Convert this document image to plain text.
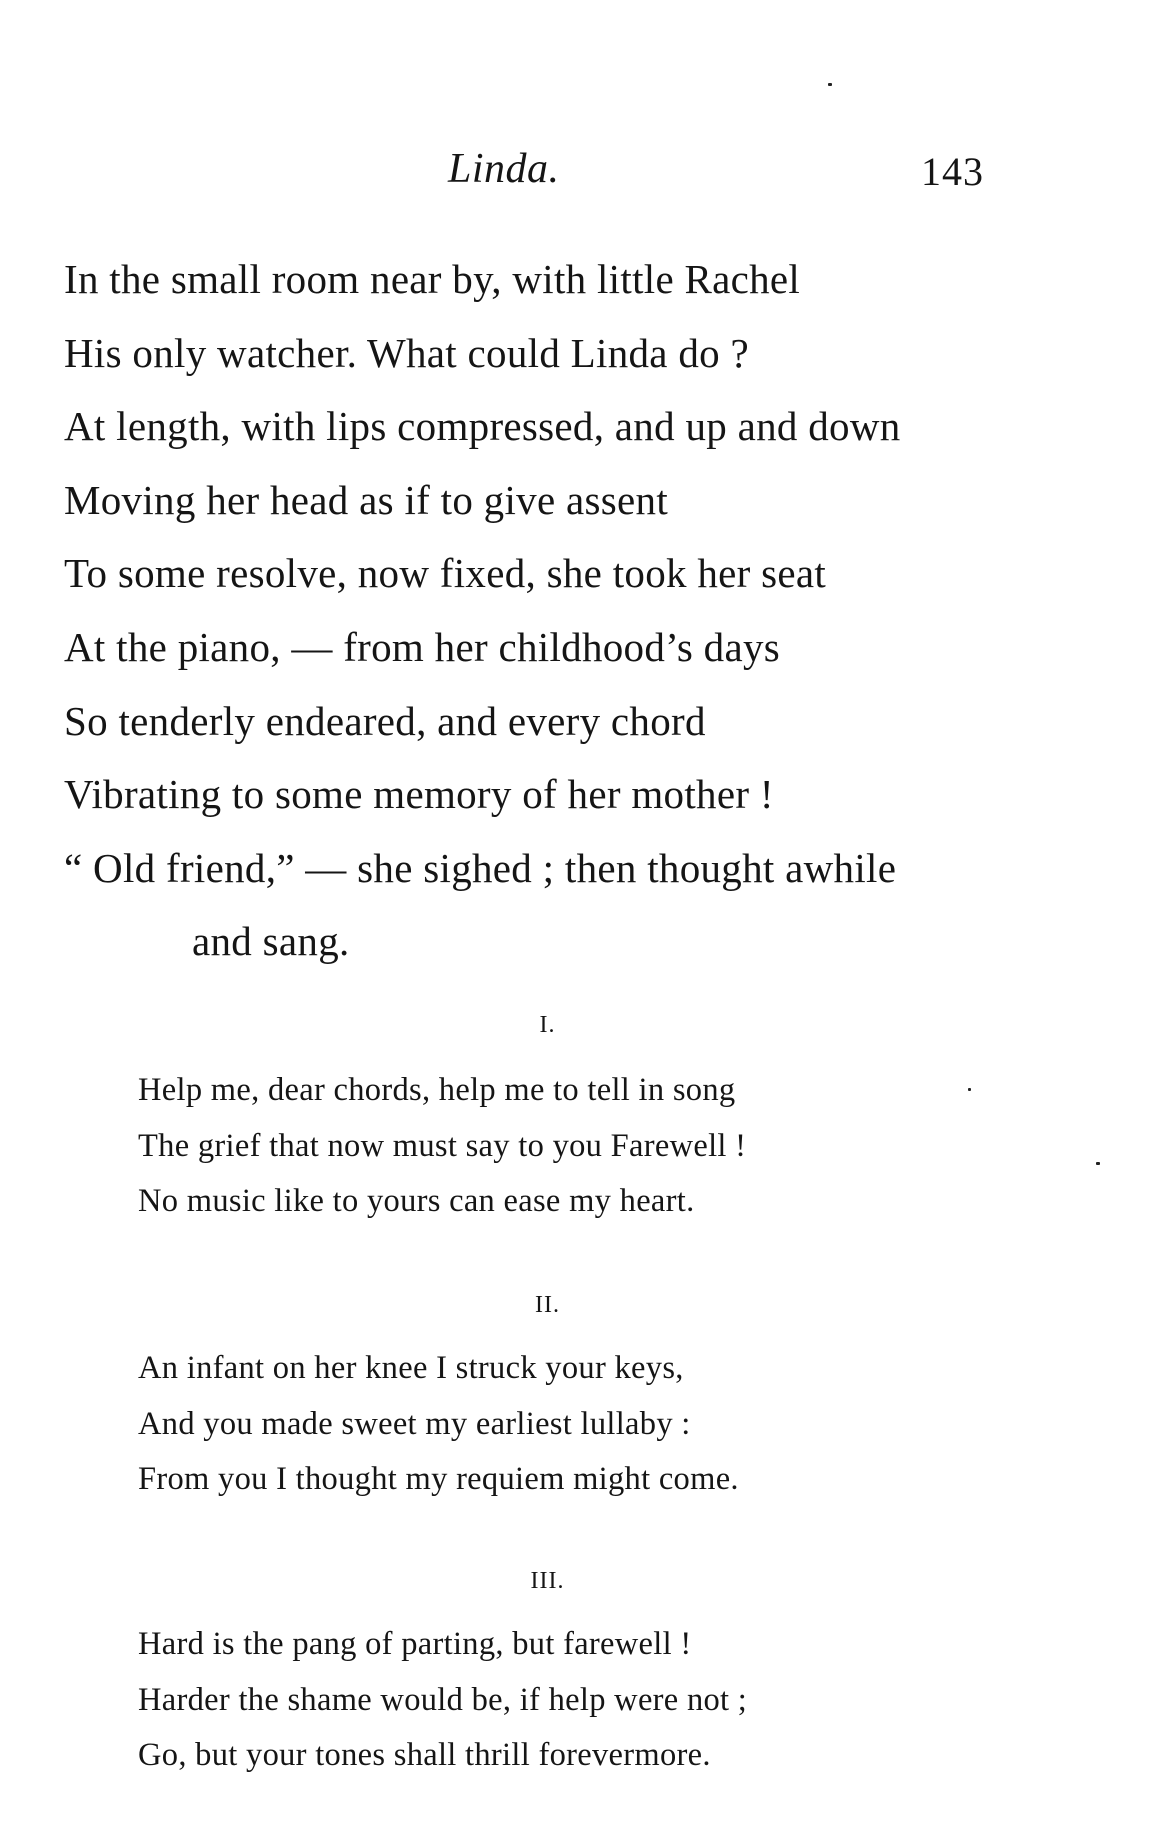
Linda.	143
In the small room near by, with little Rachel
His only watcher. What could Linda do ?
At length, with lips compressed, and up and down
Moving her head as if to give assent
To some resolve, now fixed, she took her seat
At the piano, — from her childhood’s days
So tenderly endeared, and every chord
Vibrating to some memory of her mother !
“ Old friend,” — she sighed ; then thought awhile
and sang.
I.
Help me, dear chords, help me to tell in song
The grief that now must say to you Farewell !
No music like to yours can ease my heart.
II.
An infant on her knee I struck your keys,
And you made sweet my earliest lullaby :
From you I thought my requiem might come.
III.
Hard is the pang of parting, but farewell !
Harder the shame would be, if help were not ;
Go, but your tones shall thrill forevermore.
